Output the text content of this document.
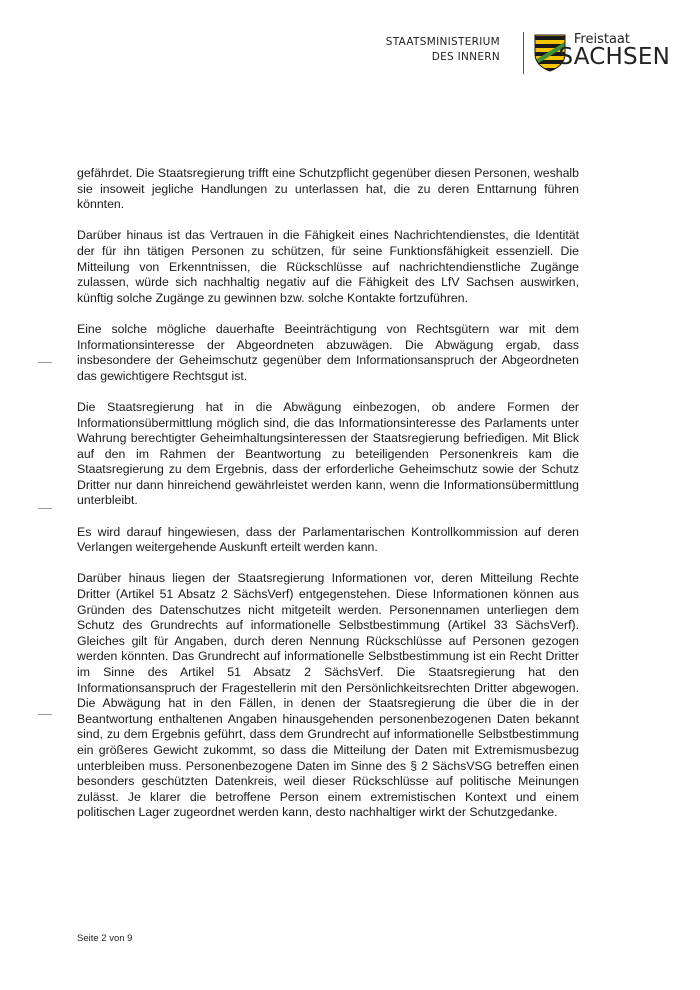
STAATSMINISTERIUM
DES INNERN
Freistaat
SACHSEN

gefährdet. Die Staatsregierung trifft eine Schutzpflicht gegenüber diesen Personen, weshalb sie insoweit jegliche Handlungen zu unterlassen hat, die zu deren Enttarnung führen könnten.

Darüber hinaus ist das Vertrauen in die Fähigkeit eines Nachrichtendienstes, die Identität der für ihn tätigen Personen zu schützen, für seine Funktionsfähigkeit essenziell. Die Mitteilung von Erkenntnissen, die Rückschlüsse auf nachrichtendienstliche Zugänge zulassen, würde sich nachhaltig negativ auf die Fähigkeit des LfV Sachsen auswirken, künftig solche Zugänge zu gewinnen bzw. solche Kontakte fortzuführen.

Eine solche mögliche dauerhafte Beeinträchtigung von Rechtsgütern war mit dem Informationsinteresse der Abgeordneten abzuwägen. Die Abwägung ergab, dass insbesondere der Geheimschutz gegenüber dem Informationsanspruch der Abgeordneten das gewichtigere Rechtsgut ist.

Die Staatsregierung hat in die Abwägung einbezogen, ob andere Formen der Informationsübermittlung möglich sind, die das Informationsinteresse des Parlaments unter Wahrung berechtigter Geheimhaltungsinteressen der Staatsregierung befriedigen. Mit Blick auf den im Rahmen der Beantwortung zu beteiligenden Personenkreis kam die Staatsregierung zu dem Ergebnis, dass der erforderliche Geheimschutz sowie der Schutz Dritter nur dann hinreichend gewährleistet werden kann, wenn die Informationsübermittlung unterbleibt.

Es wird darauf hingewiesen, dass der Parlamentarischen Kontrollkommission auf deren Verlangen weitergehende Auskunft erteilt werden kann.

Darüber hinaus liegen der Staatsregierung Informationen vor, deren Mitteilung Rechte Dritter (Artikel 51 Absatz 2 SächsVerf) entgegenstehen. Diese Informationen können aus Gründen des Datenschutzes nicht mitgeteilt werden. Personennamen unterliegen dem Schutz des Grundrechts auf informationelle Selbstbestimmung (Artikel 33 SächsVerf). Gleiches gilt für Angaben, durch deren Nennung Rückschlüsse auf Personen gezogen werden könnten. Das Grundrecht auf informationelle Selbstbestimmung ist ein Recht Dritter im Sinne des Artikel 51 Absatz 2 SächsVerf. Die Staatsregierung hat den Informationsanspruch der Fragestellerin mit den Persönlichkeitsrechten Dritter abgewogen. Die Abwägung hat in den Fällen, in denen der Staatsregierung die über die in der Beantwortung enthaltenen Angaben hinausgehenden personenbezogenen Daten bekannt sind, zu dem Ergebnis geführt, dass dem Grundrecht auf informationelle Selbstbestimmung ein größeres Gewicht zukommt, so dass die Mitteilung der Daten mit Extremismusbezug unterbleiben muss. Personenbezogene Daten im Sinne des § 2 SächsVSG betreffen einen besonders geschützten Datenkreis, weil dieser Rückschlüsse auf politische Meinungen zulässt. Je klarer die betroffene Person einem extremistischen Kontext und einem politischen Lager zugeordnet werden kann, desto nachhaltiger wirkt der Schutzgedanke.

Seite 2 von 9
